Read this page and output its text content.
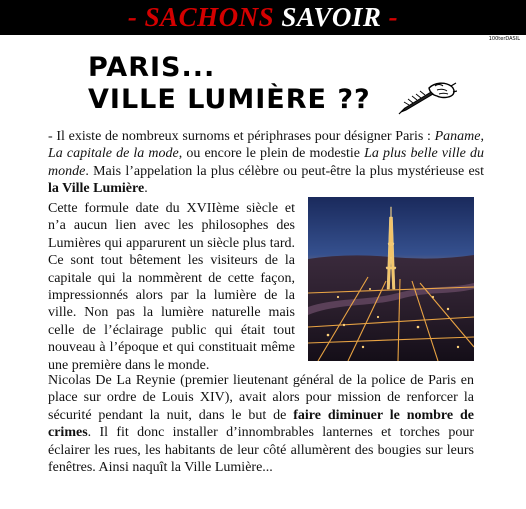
- SACHONS SAVOIR -
100terDASIL
PARIS...
VILLE LUMIÈRE ??
- Il existe de nombreux surnoms et périphrases pour désigner Paris : Paname, La capitale de la mode, ou encore le plein de modestie La plus belle ville du monde. Mais l’appelation la plus célèbre ou peut-être la plus mystérieuse est la Ville Lumière.
Cette formule date du XVIIème siècle et n’a aucun lien avec les philosophes des Lumières qui apparurent un siècle plus tard. Ce sont tout bêtement les visiteurs de la capitale qui la nommèrent de cette façon, impressionnés alors par la lumière de la ville. Non pas la lumière naturelle mais celle de l’éclairage public qui était tout nouveau à l’époque et qui constituait même une première dans le monde.
Nicolas De La Reynie (premier lieutenant général de la police de Paris en place sur ordre de Louis XIV), avait alors pour mission de renforcer la sécurité pendant la nuit, dans le but de faire diminuer le nombre de crimes. Il fit donc installer d’innombrables lanternes et torches pour éclairer les rues, les habitants de leur côté allumèrent des bougies sur leurs fenêtres. Ainsi naquît la Ville Lumière...
